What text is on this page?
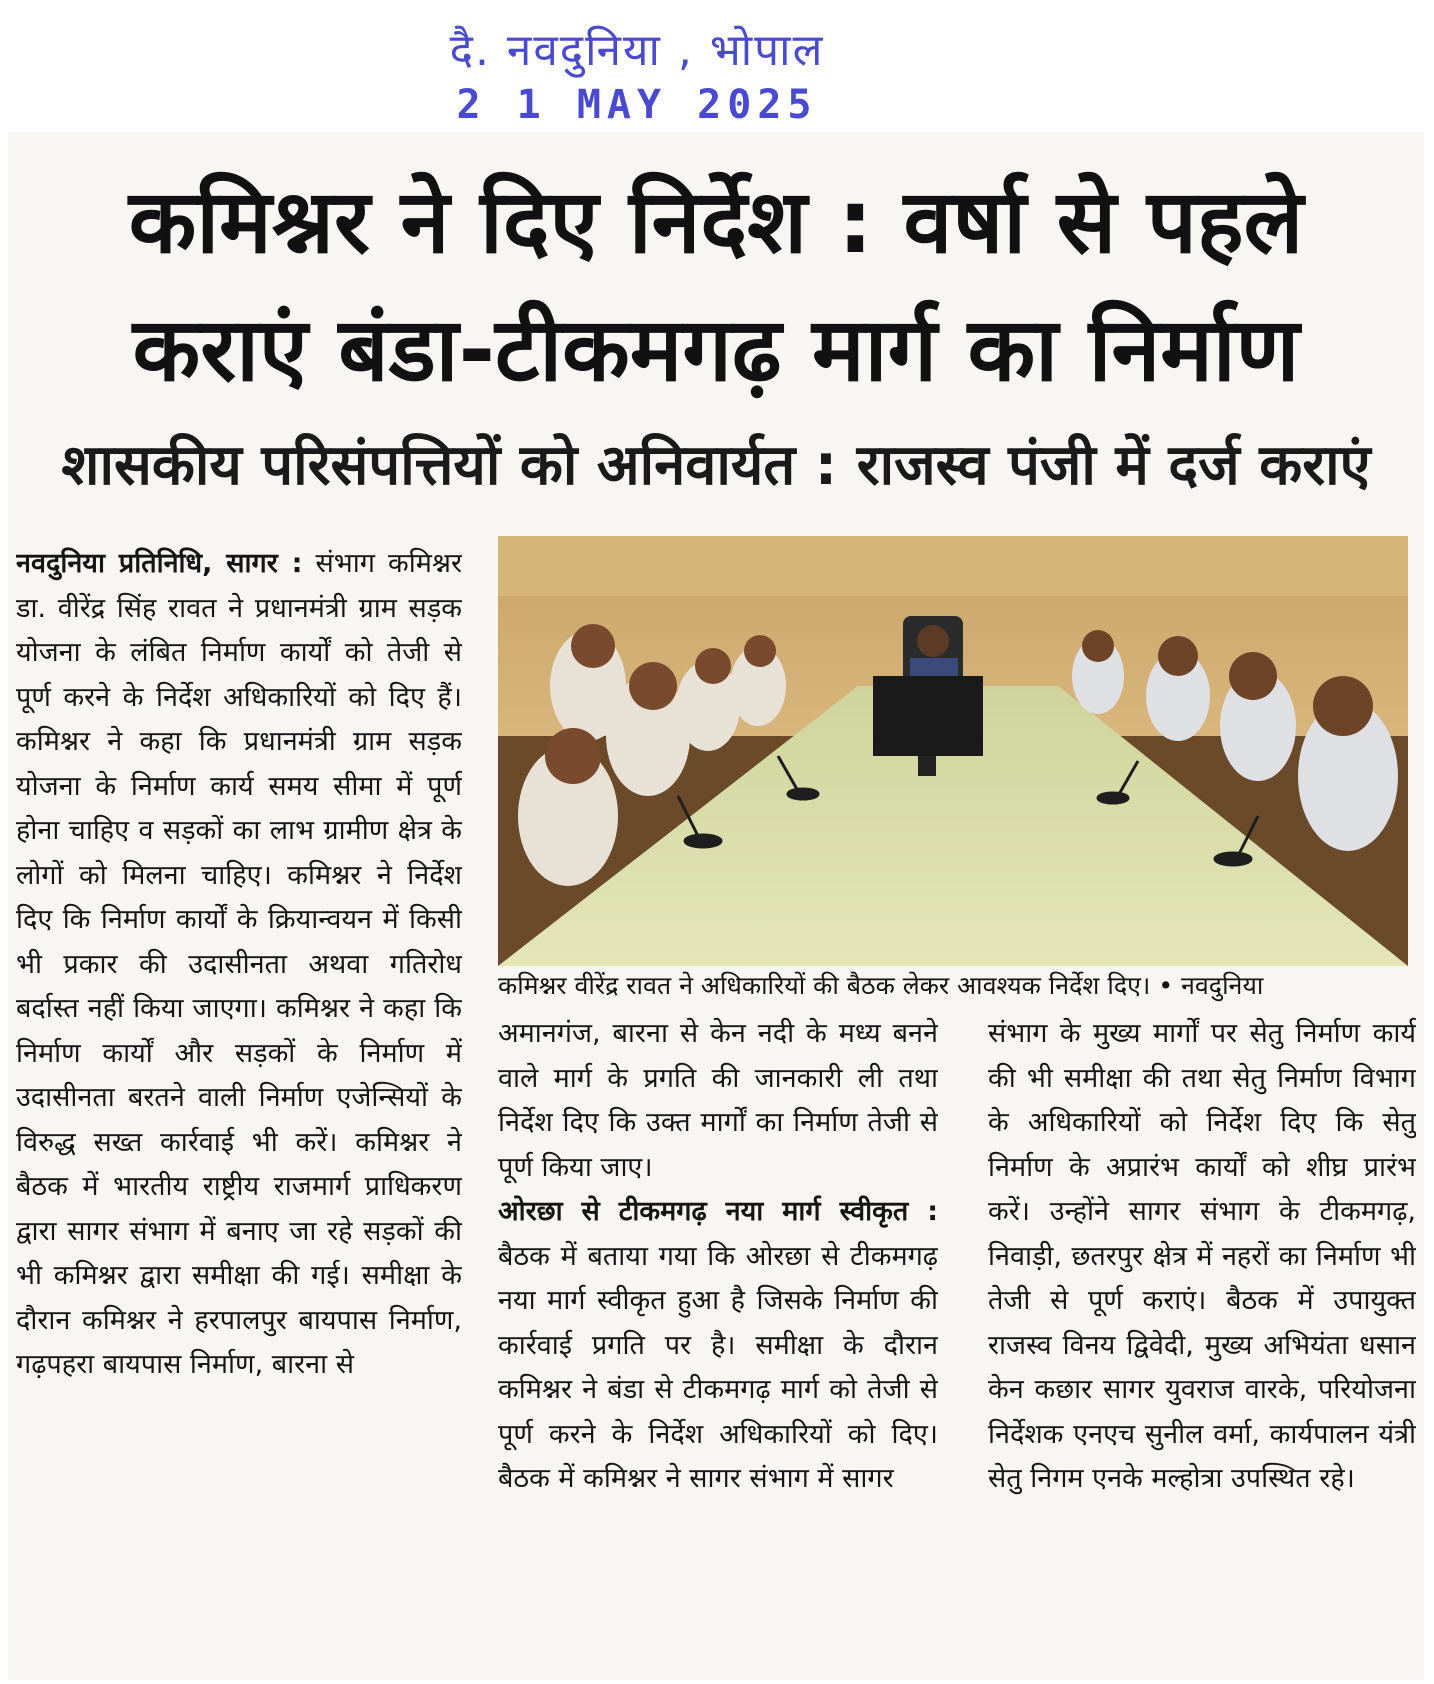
दै. नवदुनिया , भोपाल
2 1 MAY 2025
कमिश्नर ने दिए निर्देश : वर्षा से पहले
कराएं बंडा-टीकमगढ़ मार्ग का निर्माण
शासकीय परिसंपत्तियों को अनिवार्यत : राजस्व पंजी में दर्ज कराएं

नवदुनिया प्रतिनिधि, सागर : संभाग कमिश्नर डा. वीरेंद्र सिंह रावत ने प्रधानमंत्री ग्राम सड़क योजना के लंबित निर्माण कार्यों को तेजी से पूर्ण करने के निर्देश अधिकारियों को दिए हैं। कमिश्नर ने कहा कि प्रधानमंत्री ग्राम सड़क योजना के निर्माण कार्य समय सीमा में पूर्ण होना चाहिए व सड़कों का लाभ ग्रामीण क्षेत्र के लोगों को मिलना चाहिए। कमिश्नर ने निर्देश दिए कि निर्माण कार्यों के क्रियान्वयन में किसी भी प्रकार की उदासीनता अथवा गतिरोध बर्दास्त नहीं किया जाएगा। कमिश्नर ने कहा कि निर्माण कार्यों और सड़कों के निर्माण में उदासीनता बरतने वाली निर्माण एजेन्सियों के विरुद्ध सख्त कार्रवाई भी करें। कमिश्नर ने बैठक में भारतीय राष्ट्रीय राजमार्ग प्राधिकरण द्वारा सागर संभाग में बनाए जा रहे सड़कों की भी कमिश्नर द्वारा समीक्षा की गई। समीक्षा के दौरान कमिश्नर ने हरपालपुर बायपास निर्माण, गढ़पहरा बायपास निर्माण, बारना से

कमिश्नर वीरेंद्र रावत ने अधिकारियों की बैठक लेकर आवश्यक निर्देश दिए। • नवदुनिया

अमानगंज, बारना से केन नदी के मध्य बनने वाले मार्ग के प्रगति की जानकारी ली तथा निर्देश दिए कि उक्त मार्गों का निर्माण तेजी से पूर्ण किया जाए।

ओरछा से टीकमगढ़ नया मार्ग स्वीकृत : बैठक में बताया गया कि ओरछा से टीकमगढ़ नया मार्ग स्वीकृत हुआ है जिसके निर्माण की कार्रवाई प्रगति पर है। समीक्षा के दौरान कमिश्नर ने बंडा से टीकमगढ़ मार्ग को तेजी से पूर्ण करने के निर्देश अधिकारियों को दिए। बैठक में कमिश्नर ने सागर संभाग में सागर

संभाग के मुख्य मार्गों पर सेतु निर्माण कार्य की भी समीक्षा की तथा सेतु निर्माण विभाग के अधिकारियों को निर्देश दिए कि सेतु निर्माण के अप्रारंभ कार्यों को शीघ्र प्रारंभ करें। उन्होंने सागर संभाग के टीकमगढ़, निवाड़ी, छतरपुर क्षेत्र में नहरों का निर्माण भी तेजी से पूर्ण कराएं। बैठक में उपायुक्त राजस्व विनय द्विवेदी, मुख्य अभियंता धसान केन कछार सागर युवराज वारके, परियोजना निर्देशक एनएच सुनील वर्मा, कार्यपालन यंत्री सेतु निगम एनके मल्होत्रा उपस्थित रहे।
